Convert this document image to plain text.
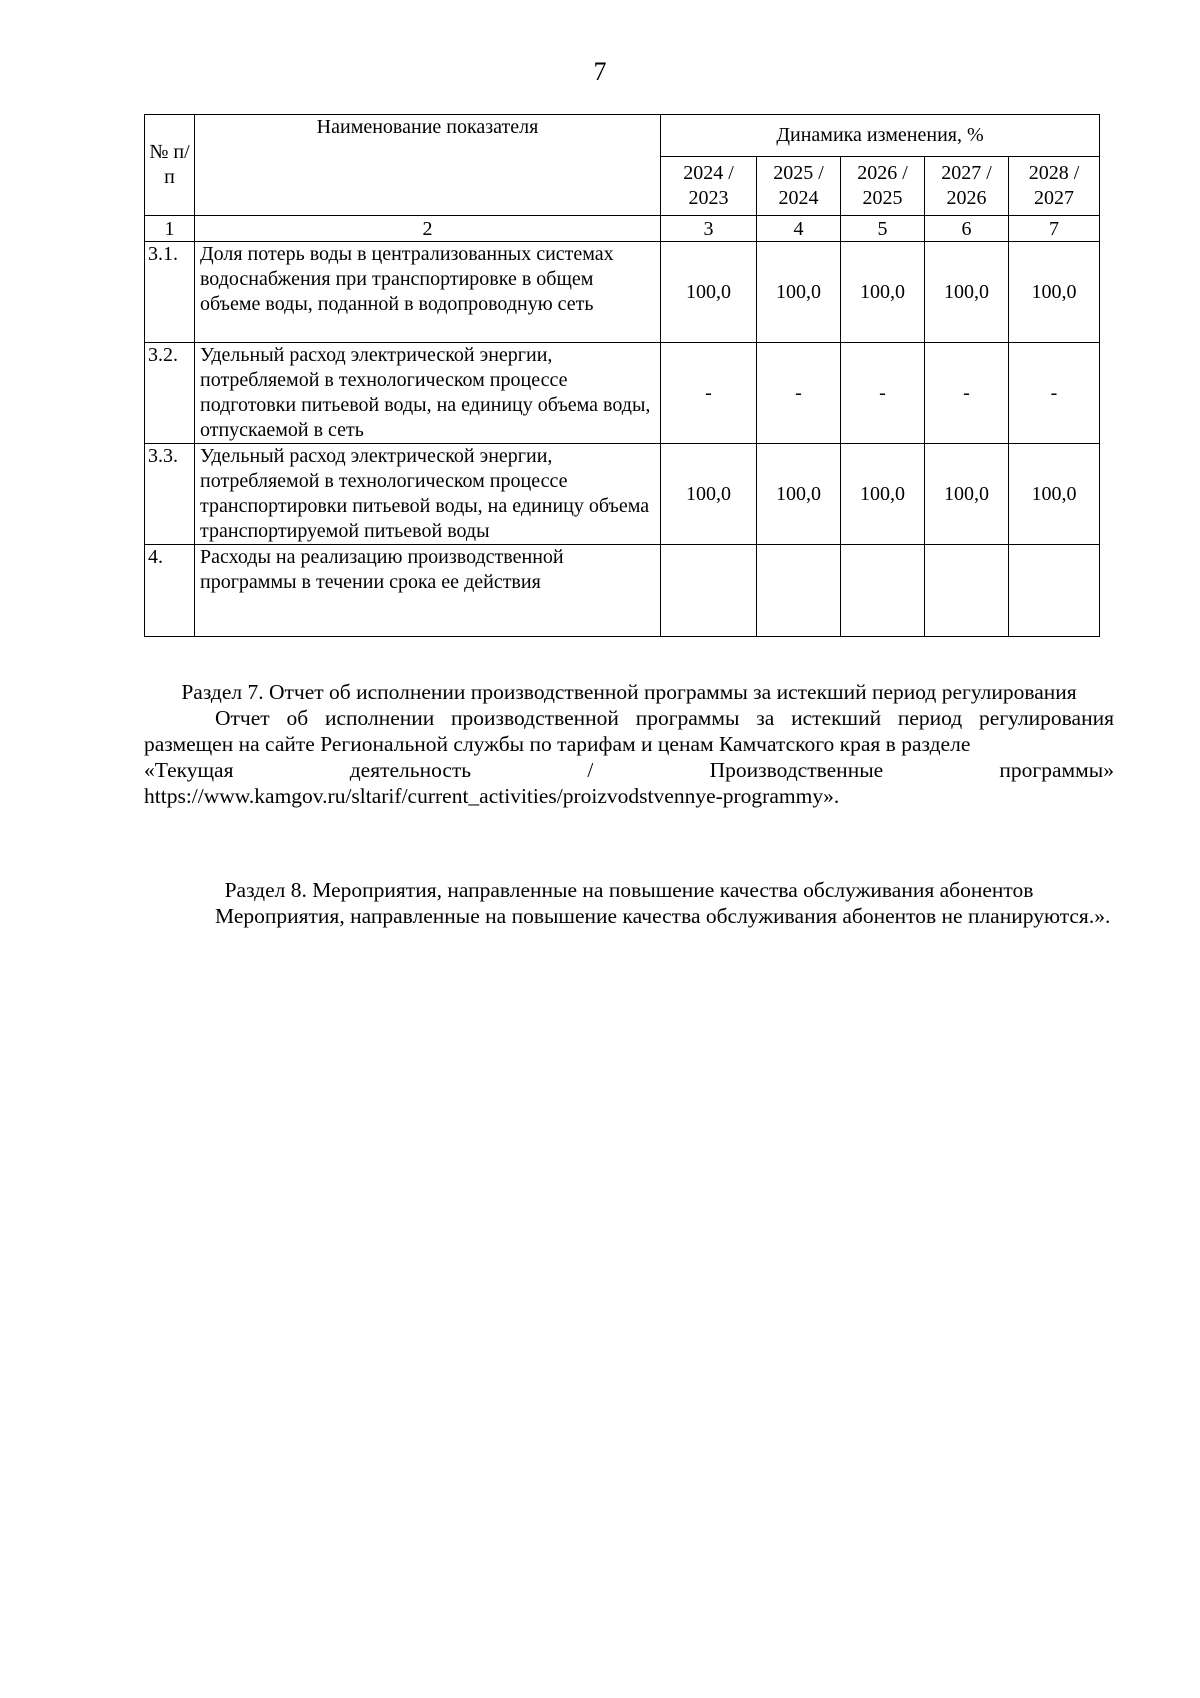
7
№ п/п	Наименование показателя	Динамика изменения, %				
		2024 / 2023	2025 / 2024	2026 / 2025	2027 / 2026	2028 / 2027
1	2	3	4	5	6	7
3.1.	Доля потерь воды в централизованных системах водоснабжения при транспортировке в общем объеме воды, поданной в водопроводную сеть	100,0	100,0	100,0	100,0	100,0
3.2.	Удельный расход электрической энергии, потребляемой в технологическом процессе подготовки питьевой воды, на единицу объема воды, отпускаемой в сеть	-	-	-	-	-
3.3.	Удельный расход электрической энергии, потребляемой в технологическом процессе транспортировки питьевой воды, на единицу объема транспортируемой питьевой воды	100,0	100,0	100,0	100,0	100,0
4.	Расходы на реализацию производственной программы в течении срока ее действия					
Раздел 7. Отчет об исполнении производственной программы за истекший период регулирования
Отчет об исполнении производственной программы за истекший период регулирования размещен на сайте Региональной службы по тарифам и ценам Камчатского края в разделе
«Текущая	деятельность	/	Производственные	программы»
https://www.kamgov.ru/sltarif/current_activities/proizvodstvennye-programmy».
Раздел 8. Мероприятия, направленные на повышение качества обслуживания абонентов
Мероприятия, направленные на повышение качества обслуживания абонентов не планируются.».
